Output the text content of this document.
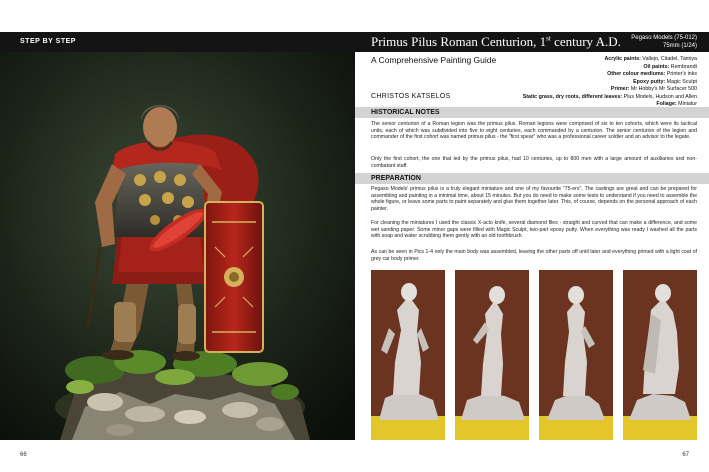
STEP BY STEP
66
Primus Pilus Roman Centurion, 1st century A.D. Pegaso Models (75-012)
75mm (1/24)
A Comprehensive Painting Guide	Acrylic paints: Vallejo, Citadel, Tamiya
Oil paints: Rembrandt
Other colour mediums: Printer's inks
Epoxy putty: Magic Sculpt
Primer: Mr Hobby's Mr Surfacer 500
Static grass, dry roots, different leaves: Plus Models, Hudson and Allen
Foliage: Miniatur
CHRISTOS KATSELOS
HISTORICAL NOTES

The senior centurion of a Roman legion was the primus pilus. Roman legions were comprised of six to ten cohorts, which were its tactical units, each of which was subdivided into five to eight centuries, each commanded by a centurion. The senior centurion of the legion and commander of the first cohort was named primus pilus - the "first spear" who was a professional career soldier and an advisor to the legate.

Only the first cohort, the one that led by the primus pilus, had 10 centuries, up to 800 men with a large amount of auxiliaries and non-combatant staff.

PREPARATION

Pegaso Models' primus pilus is a truly elegant miniature and one of my favourite "75-ers". The castings are great and can be prepared for assembling and painting in a minimal time, about 15 minutes. But you do need to make some tests to understand if you need to assemble the whole figure, or leave some parts to paint separately and glue them together later. This, of course, depends on the personal approach of each painter.

For cleaning the miniatures I used the classic X-acto knife, several diamond files - straight and curved that can make a difference, and some wet sanding paper. Some minor gaps were filled with Magic Sculpt, two-part epoxy putty. When everything was ready I washed all the parts with soap and water scrubbing them gently with an old toothbrush.

As can be seen in Pics 1-4 only the main body was assembled, leaving the other parts off until later and everything primed with a light coat of grey car body primer.

67
